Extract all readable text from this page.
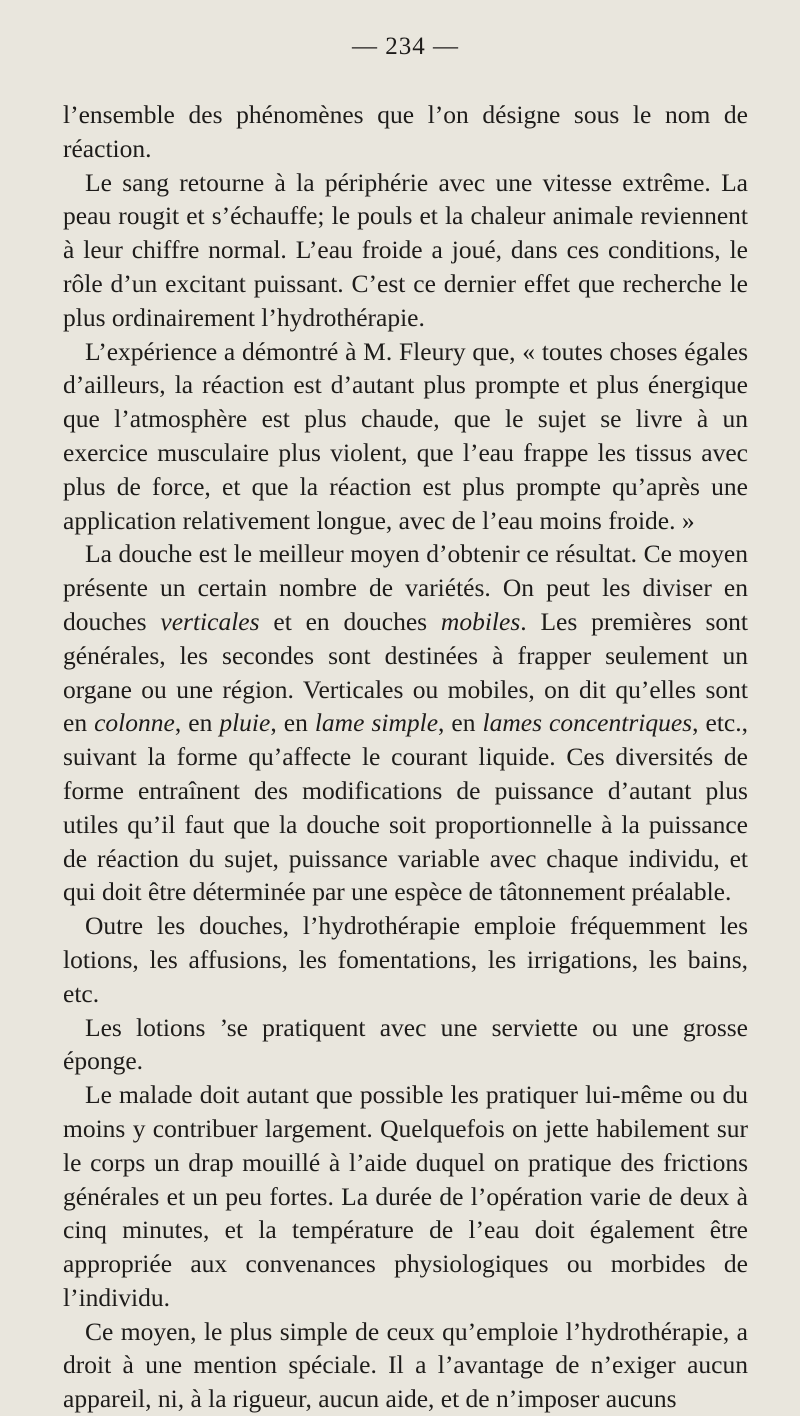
— 234 —

l’ensemble des phénomènes que l’on désigne sous le nom de réaction.

Le sang retourne à la périphérie avec une vitesse extrême. La peau rougit et s’échauffe; le pouls et la chaleur animale reviennent à leur chiffre normal. L’eau froide a joué, dans ces conditions, le rôle d’un excitant puissant. C’est ce dernier effet que recherche le plus ordinairement l’hydrothérapie.

L’expérience a démontré à M. Fleury que, « toutes choses égales d’ailleurs, la réaction est d’autant plus prompte et plus énergique que l’atmosphère est plus chaude, que le sujet se livre à un exercice musculaire plus violent, que l’eau frappe les tissus avec plus de force, et que la réaction est plus prompte qu’après une application relativement longue, avec de l’eau moins froide. »

La douche est le meilleur moyen d’obtenir ce résultat. Ce moyen présente un certain nombre de variétés. On peut les diviser en douches verticales et en douches mobiles. Les premières sont générales, les secondes sont destinées à frapper seulement un organe ou une région. Verticales ou mobiles, on dit qu’elles sont en colonne, en pluie, en lame simple, en lames concentriques, etc., suivant la forme qu’affecte le courant liquide. Ces diversités de forme entraînent des modifications de puissance d’autant plus utiles qu’il faut que la douche soit proportionnelle à la puissance de réaction du sujet, puissance variable avec chaque individu, et qui doit être déterminée par une espèce de tâtonnement préalable.

Outre les douches, l’hydrothérapie emploie fréquemment les lotions, les affusions, les fomentations, les irrigations, les bains, etc.

Les lotions ’se pratiquent avec une serviette ou une grosse éponge.

Le malade doit autant que possible les pratiquer lui-même ou du moins y contribuer largement. Quelquefois on jette habilement sur le corps un drap mouillé à l’aide duquel on pratique des frictions générales et un peu fortes. La durée de l’opération varie de deux à cinq minutes, et la température de l’eau doit également être appropriée aux convenances physiologiques ou morbides de l’individu.

Ce moyen, le plus simple de ceux qu’emploie l’hydrothérapie, a droit à une mention spéciale. Il a l’avantage de n’exiger aucun appareil, ni, à la rigueur, aucun aide, et de n’imposer aucuns
